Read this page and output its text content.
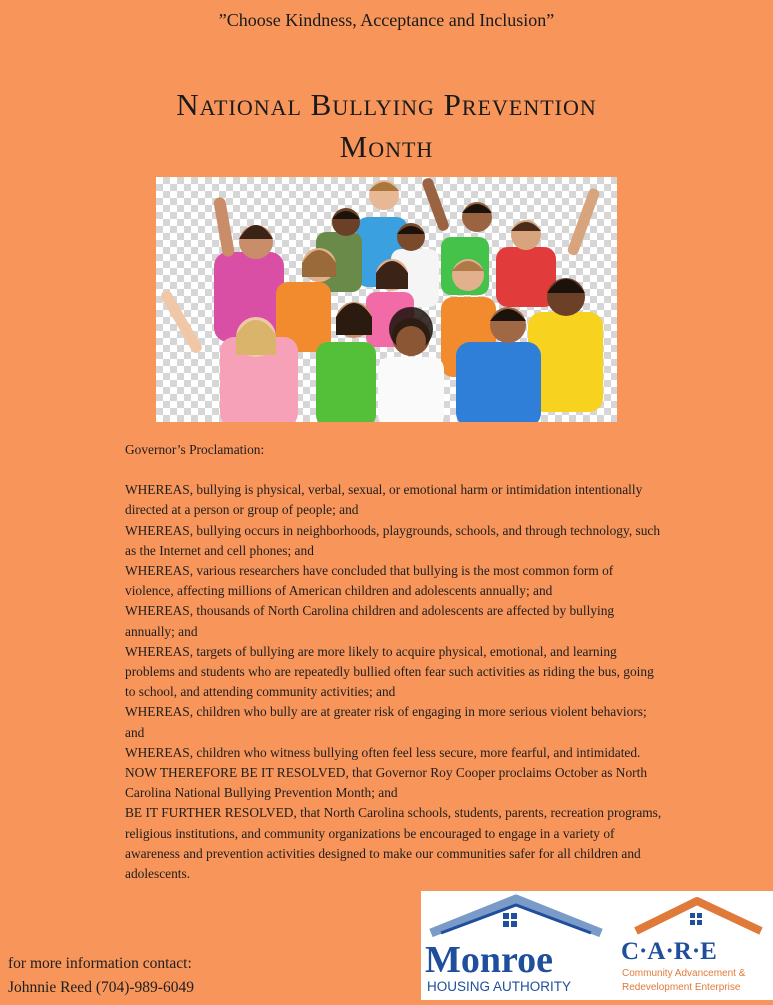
”Choose Kindness, Acceptance and Inclusion”
National Bullying Prevention
Month

Governor’s Proclamation:

WHEREAS, bullying is physical, verbal, sexual, or emotional harm or intimidation intentionally directed at a person or group of people; and

WHEREAS, bullying occurs in neighborhoods, playgrounds, schools, and through technology, such as the Internet and cell phones; and

WHEREAS, various researchers have concluded that bullying is the most common form of violence, affecting millions of American children and adolescents annually; and

WHEREAS, thousands of North Carolina children and adolescents are affected by bullying annually; and

WHEREAS, targets of bullying are more likely to acquire physical, emotional, and learning problems and students who are repeatedly bullied often fear such activities as riding the bus, going to school, and attending community activities; and

WHEREAS, children who bully are at greater risk of engaging in more serious violent behaviors; and

WHEREAS, children who witness bullying often feel less secure, more fearful, and intimidated.

NOW THEREFORE BE IT RESOLVED, that Governor Roy Cooper proclaims October as North Carolina National Bullying Prevention Month; and

BE IT FURTHER RESOLVED, that North Carolina schools, students, parents, recreation programs, religious institutions, and community organizations be encouraged to engage in a variety of awareness and prevention activities designed to make our communities safer for all children and adolescents.

for more information contact:
Johnnie Reed (704)-989-6049
Monroe
HOUSING AUTHORITY
C·A·R·E
Community Advancement &
Redevelopment Enterprise
